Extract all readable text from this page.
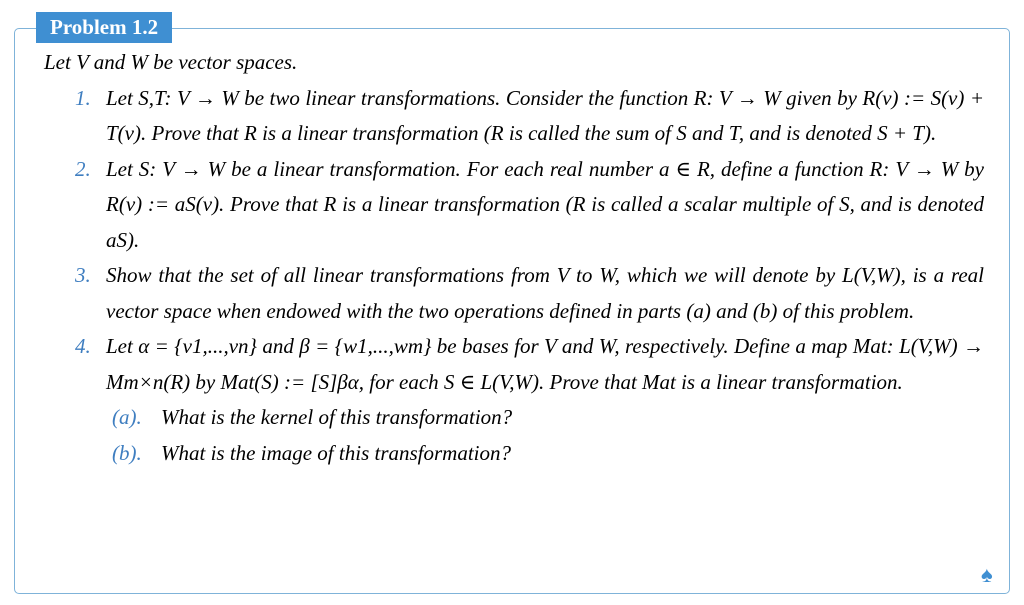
Problem 1.2

Let V and W be vector spaces.

1. Let S,T: V → W be two linear transformations. Consider the function R: V → W given by R(v) := S(v) + T(v). Prove that R is a linear transformation (R is called the sum of S and T, and is denoted S + T).
2. Let S: V → W be a linear transformation. For each real number a ∈ R, define a function R: V → W by R(v) := aS(v). Prove that R is a linear transformation (R is called a scalar multiple of S, and is denoted aS).
3. Show that the set of all linear transformations from V to W, which we will denote by L(V,W), is a real vector space when endowed with the two operations defined in parts (a) and (b) of this problem.
4. Let α = {v1,...,vn} and β = {w1,...,wm} be bases for V and W, respectively. Define a map Mat: L(V,W) → Mm×n(R) by Mat(S) := [S]βα, for each S ∈ L(V,W). Prove that Mat is a linear transformation.
(a). What is the kernel of this transformation?
(b). What is the image of this transformation?
♠
